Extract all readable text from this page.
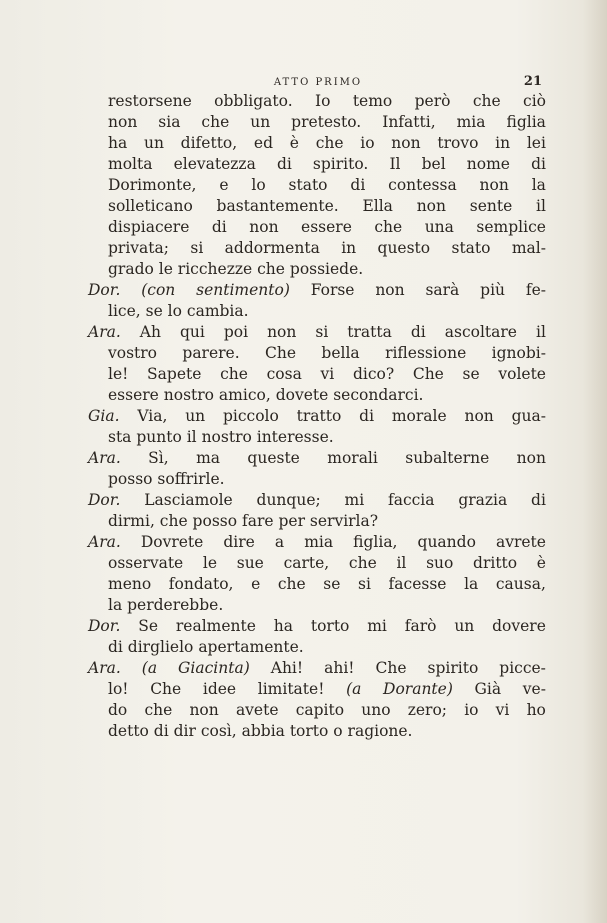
ATTO PRIMO	21
restorsene obbligato. Io temo però che ciò
non sia che un pretesto. Infatti, mia figlia
ha un difetto, ed è che io non trovo in lei
molta elevatezza di spirito. Il bel nome di
Dorimonte, e lo stato di contessa non la
solleticano bastantemente. Ella non sente il
dispiacere di non essere che una semplice
privata; si addormenta in questo stato mal-
grado le ricchezze che possiede.
Dor. (con sentimento) Forse non sarà più fe-
lice, se lo cambia.
Ara. Ah qui poi non si tratta di ascoltare il
vostro parere. Che bella riflessione ignobi-
le! Sapete che cosa vi dico? Che se volete
essere nostro amico, dovete secondarci.
Gia. Via, un piccolo tratto di morale non gua-
sta punto il nostro interesse.
Ara. Sì, ma queste morali subalterne non
posso soffrirle.
Dor. Lasciamole dunque; mi faccia grazia di
dirmi, che posso fare per servirla?
Ara. Dovrete dire a mia figlia, quando avrete
osservate le sue carte, che il suo dritto è
meno fondato, e che se si facesse la causa,
la perderebbe.
Dor. Se realmente ha torto mi farò un dovere
di dirglielo apertamente.
Ara. (a Giacinta) Ahi! ahi! Che spirito picce-
lo! Che idee limitate! (a Dorante) Già ve-
do che non avete capito uno zero; io vi ho
detto di dir così, abbia torto o ragione.
